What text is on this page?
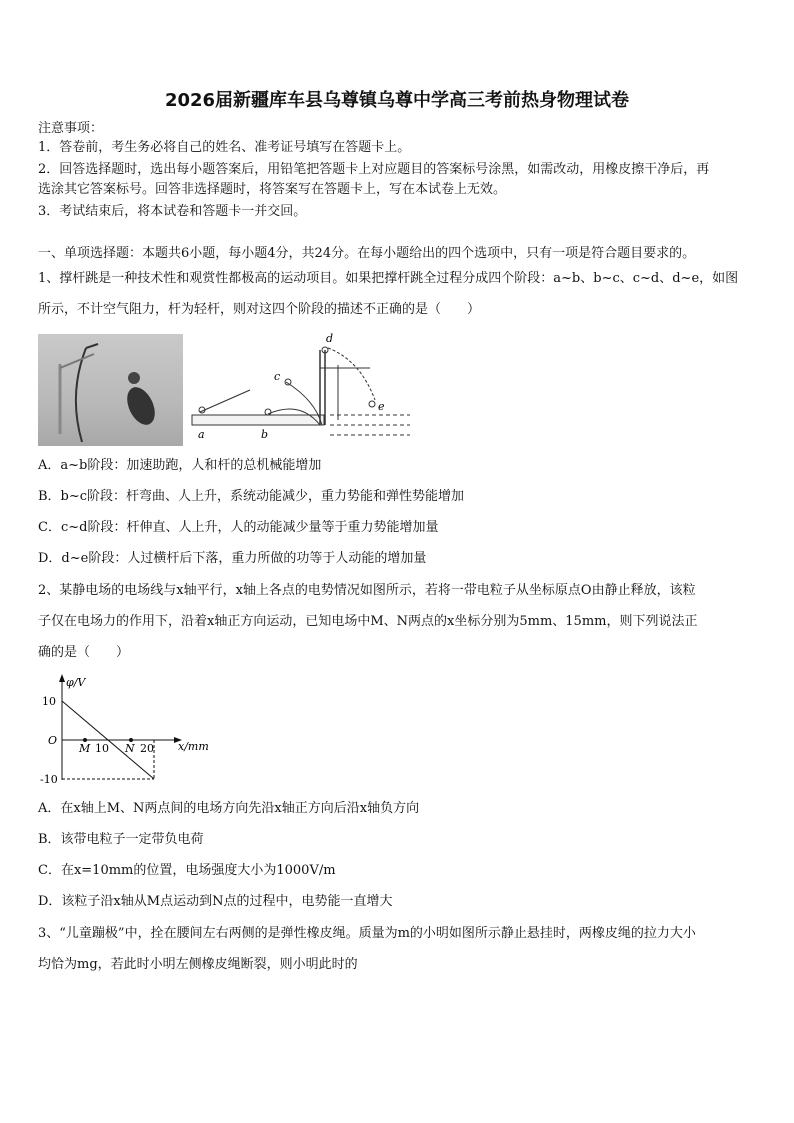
2026届新疆库车县乌尊镇乌尊中学高三考前热身物理试卷
注意事项：
1．答卷前，考生务必将自己的姓名、准考证号填写在答题卡上。
2．回答选择题时，选出每小题答案后，用铅笔把答题卡上对应题目的答案标号涂黑，如需改动，用橡皮擦干净后，再
选涂其它答案标号。回答非选择题时，将答案写在答题卡上，写在本试卷上无效。
3．考试结束后，将本试卷和答题卡一并交回。
一、单项选择题：本题共6小题，每小题4分，共24分。在每小题给出的四个选项中，只有一项是符合题目要求的。
1、撑杆跳是一种技术性和观赏性都极高的运动项目。如果把撑杆跳全过程分成四个阶段：a~b、b~c、c~d、d~e，如图
所示，不计空气阻力，杆为轻杆，则对这四个阶段的描述不正确的是（　　）
a	b
c
d
e
A．a~b阶段：加速助跑，人和杆的总机械能增加
B．b~c阶段：杆弯曲、人上升，系统动能减少，重力势能和弹性势能增加
C．c~d阶段：杆伸直、人上升，人的动能减少量等于重力势能增加量
D．d~e阶段：人过横杆后下落，重力所做的功等于人动能的增加量
2、某静电场的电场线与x轴平行，x轴上各点的电势情况如图所示，若将一带电粒子从坐标原点O由静止释放，该粒
子仅在电场力的作用下，沿着x轴正方向运动，已知电场中M、N两点的x坐标分别为5mm、15mm，则下列说法正
确的是（　　）
φ/V
10
-10
O
M 10 N 20 x/mm
A．在x轴上M、N两点间的电场方向先沿x轴正方向后沿x轴负方向
B．该带电粒子一定带负电荷
C．在x=10mm的位置，电场强度大小为1000V/m
D．该粒子沿x轴从M点运动到N点的过程中，电势能一直增大
3、“儿童蹦极”中，拴在腰间左右两侧的是弹性橡皮绳。质量为m的小明如图所示静止悬挂时，两橡皮绳的拉力大小
均恰为mg，若此时小明左侧橡皮绳断裂，则小明此时的
